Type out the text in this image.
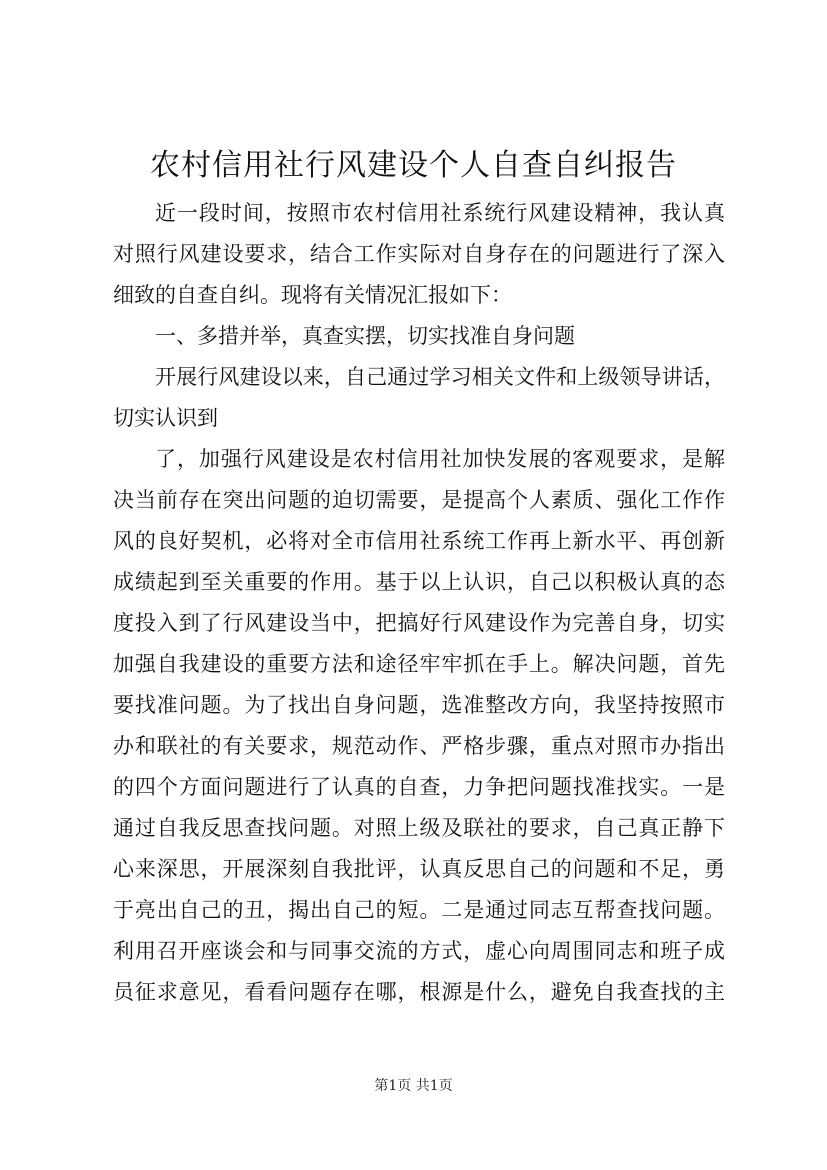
农村信用社行风建设个人自查自纠报告
近一段时间，按照市农村信用社系统行风建设精神，我认真
对照行风建设要求，结合工作实际对自身存在的问题进行了深入
细致的自查自纠。现将有关情况汇报如下：
一、多措并举，真查实摆，切实找准自身问题
开展行风建设以来，自己通过学习相关文件和上级领导讲话，
切实认识到
了，加强行风建设是农村信用社加快发展的客观要求，是解
决当前存在突出问题的迫切需要，是提高个人素质、强化工作作
风的良好契机，必将对全市信用社系统工作再上新水平、再创新
成绩起到至关重要的作用。基于以上认识，自己以积极认真的态
度投入到了行风建设当中，把搞好行风建设作为完善自身，切实
加强自我建设的重要方法和途径牢牢抓在手上。解决问题，首先
要找准问题。为了找出自身问题，选准整改方向，我坚持按照市
办和联社的有关要求，规范动作、严格步骤，重点对照市办指出
的四个方面问题进行了认真的自查，力争把问题找准找实。一是
通过自我反思查找问题。对照上级及联社的要求，自己真正静下
心来深思，开展深刻自我批评，认真反思自己的问题和不足，勇
于亮出自己的丑，揭出自己的短。二是通过同志互帮查找问题。
利用召开座谈会和与同事交流的方式，虚心向周围同志和班子成
员征求意见，看看问题存在哪，根源是什么，避免自我查找的主
第1页 共1页
